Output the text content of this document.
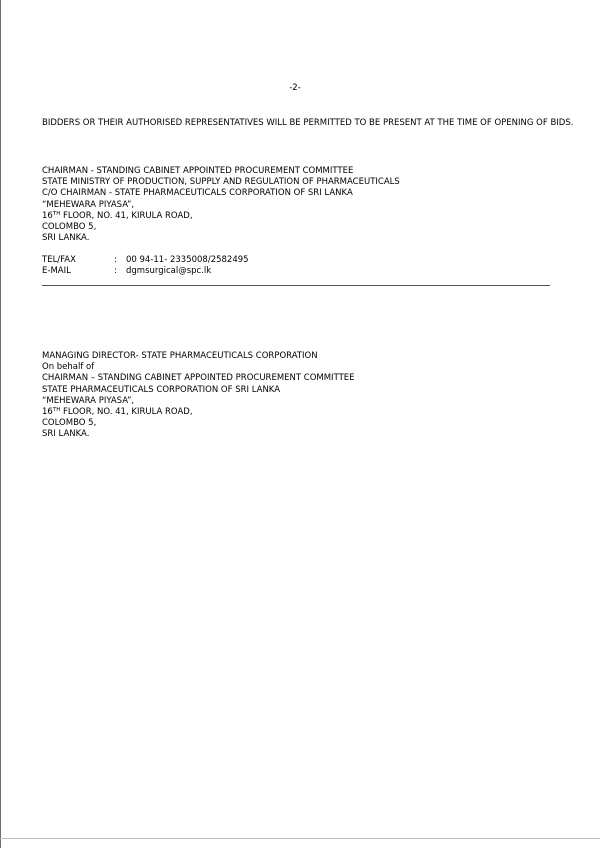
-2-
BIDDERS OR THEIR AUTHORISED REPRESENTATIVES WILL BE PERMITTED TO BE PRESENT AT THE TIME OF OPENING OF BIDS.
CHAIRMAN - STANDING CABINET APPOINTED PROCUREMENT COMMITTEE
STATE MINISTRY OF PRODUCTION, SUPPLY AND REGULATION OF PHARMACEUTICALS
C/O CHAIRMAN - STATE PHARMACEUTICALS CORPORATION OF SRI LANKA
“MEHEWARA PIYASA”,
16TH FLOOR, NO. 41, KIRULA ROAD,
COLOMBO 5,
SRI LANKA.
TEL/FAX	:	00 94-11- 2335008/2582495
E-MAIL	:	dgmsurgical@spc.lk
MANAGING DIRECTOR- STATE PHARMACEUTICALS CORPORATION
On behalf of
CHAIRMAN – STANDING CABINET APPOINTED PROCUREMENT COMMITTEE
STATE PHARMACEUTICALS CORPORATION OF SRI LANKA
“MEHEWARA PIYASA”,
16TH FLOOR, NO. 41, KIRULA ROAD,
COLOMBO 5,
SRI LANKA.
